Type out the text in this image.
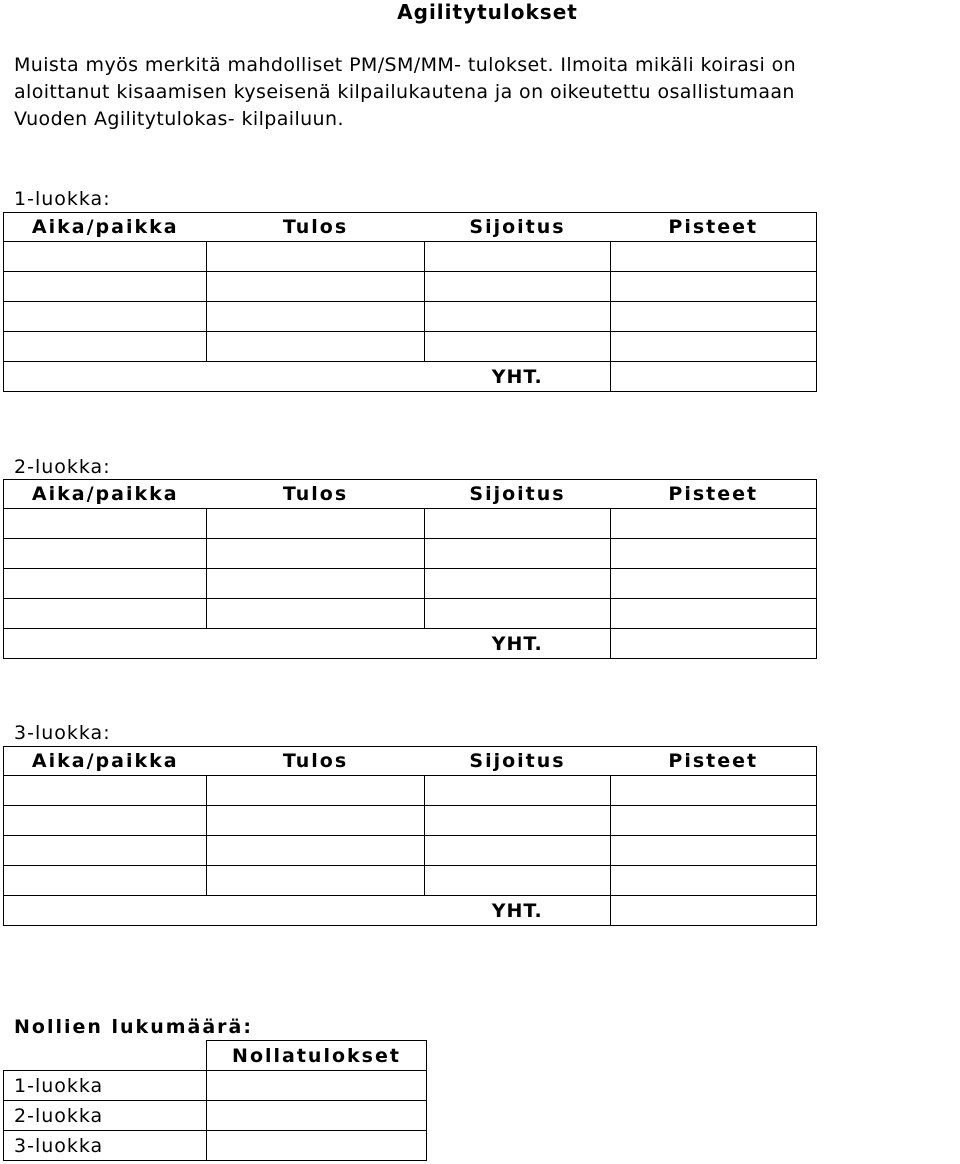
Agilitytulokset
Muista myös merkitä mahdolliset PM/SM/MM- tulokset. Ilmoita mikäli koirasi on
aloittanut kisaamisen kyseisenä kilpailukautena ja on oikeutettu osallistumaan
Vuoden Agilitytulokas- kilpailuun.
1-luokka:
Aika/paikka	Tulos	Sijoitus	Pisteet

		YHT.	
2-luokka:
Aika/paikka	Tulos	Sijoitus	Pisteet

		YHT.	
3-luokka:
Aika/paikka	Tulos	Sijoitus	Pisteet

		YHT.	
Nollien lukumäärä:
	Nollatulokset
1-luokka	
2-luokka	
3-luokka	
